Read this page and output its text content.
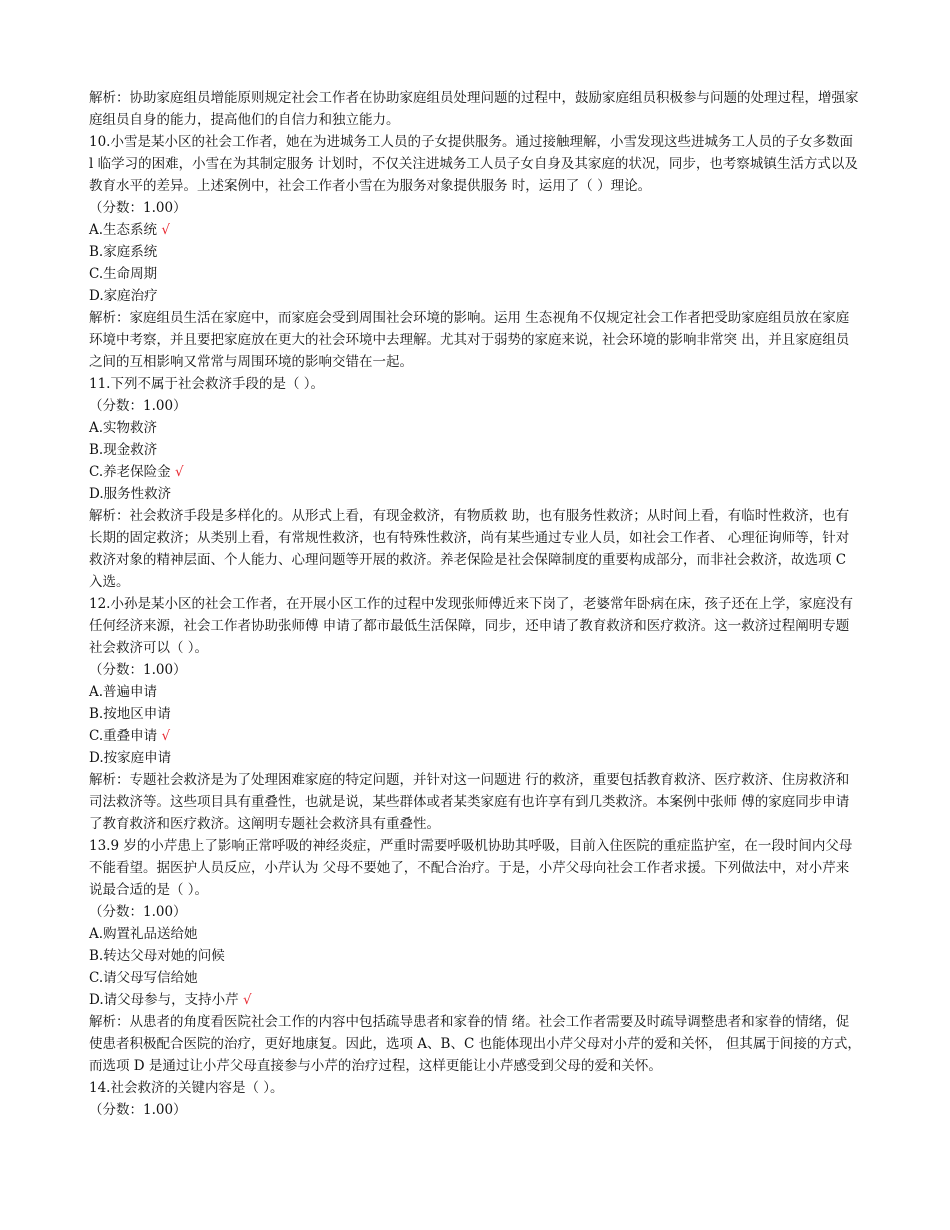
解析：协助家庭组员增能原则规定社会工作者在协助家庭组员处理问题的过程中，鼓励家庭组员积极参与问题的处理过程，增强家庭组员自身的能力，提高他们的自信力和独立能力。

10.小雪是某小区的社会工作者，她在为进城务工人员的子女提供服务。通过接触理解，小雪发现这些进城务工人员的子女多数面 l 临学习的困难，小雪在为其制定服务 计划时，不仅关注进城务工人员子女自身及其家庭的状况，同步，也考察城镇生活方式以及教育水平的差异。上述案例中，社会工作者小雪在为服务对象提供服务 时，运用了（ ）理论。

（分数：1.00）

A.生态系统 √

B.家庭系统

C.生命周期

D.家庭治疗

解析：家庭组员生活在家庭中，而家庭会受到周围社会环境的影响。运用 生态视角不仅规定社会工作者把受助家庭组员放在家庭环境中考察，并且要把家庭放在更大的社会环境中去理解。尤其对于弱势的家庭来说，社会环境的影响非常突 出，并且家庭组员之间的互相影响又常常与周围环境的影响交错在一起。

11.下列不属于社会救济手段的是（ ）。

（分数：1.00）

A.实物救济

B.现金救济

C.养老保险金 √

D.服务性救济

解析：社会救济手段是多样化的。从形式上看，有现金救济，有物质救 助，也有服务性救济；从时间上看，有临时性救济，也有长期的固定救济；从类别上看，有常规性救济，也有特殊性救济，尚有某些通过专业人员，如社会工作者、 心理征询师等，针对救济对象的精神层面、个人能力、心理问题等开展的救济。养老保险是社会保障制度的重要构成部分，而非社会救济，故选项 C 入选。

12.小孙是某小区的社会工作者，在开展小区工作的过程中发现张师傅近来下岗了，老婆常年卧病在床，孩子还在上学，家庭没有任何经济来源，社会工作者协助张师傅 申请了都市最低生活保障，同步，还申请了教育救济和医疗救济。这一救济过程阐明专题社会救济可以（ ）。

（分数：1.00）

A.普遍申请

B.按地区申请

C.重叠申请 √

D.按家庭申请

解析：专题社会救济是为了处理困难家庭的特定问题，并针对这一问题进 行的救济，重要包括教育救济、医疗救济、住房救济和司法救济等。这些项目具有重叠性，也就是说，某些群体或者某类家庭有也许享有到几类救济。本案例中张师 傅的家庭同步申请了教育救济和医疗救济。这阐明专题社会救济具有重叠性。

13.9 岁的小芹患上了影响正常呼吸的神经炎症，严重时需要呼吸机协助其呼吸，目前入住医院的重症监护室，在一段时间内父母不能看望。据医护人员反应，小芹认为 父母不要她了，不配合治疗。于是，小芹父母向社会工作者求援。下列做法中，对小芹来说最合适的是（ ）。

（分数：1.00）

A.购置礼品送给她

B.转达父母对她的问候

C.请父母写信给她

D.请父母参与，支持小芹 √

解析：从患者的角度看医院社会工作的内容中包括疏导患者和家眷的情 绪。社会工作者需要及时疏导调整患者和家眷的情绪，促使患者积极配合医院的治疗，更好地康复。因此，选项 A、B、C 也能体现出小芹父母对小芹的爱和关怀， 但其属于间接的方式，而选项 D 是通过让小芹父母直接参与小芹的治疗过程，这样更能让小芹感受到父母的爱和关怀。

14.社会救济的关键内容是（ ）。

（分数：1.00）
